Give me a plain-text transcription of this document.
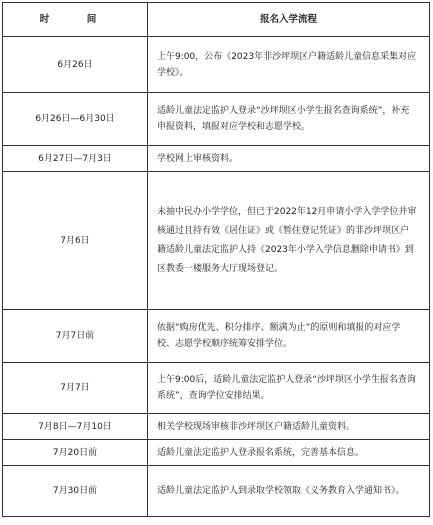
时　间	报名入学流程
6月26日	上午9:00，公布《2023年非沙坪坝区户籍适龄儿童信息采集对应学校》。
6月26日—6月30日	适龄儿童法定监护人登录“沙坪坝区小学生报名查询系统”，补充申报资料，填报对应学校和志愿学校。
6月27日—7月3日	学校网上审核资料。
7月6日	未抽中民办小学学位，但已于2022年12月申请小学入学学位并审核通过且持有效《居住证》或《暂住登记凭证》的非沙坪坝区户籍适龄儿童法定监护人持《2023年小学入学信息删除申请书》到区教委一楼服务大厅现场登记。
7月7日前	依据“购房优先、积分排序、额满为止”的原则和填报的对应学校、志愿学校顺序统筹安排学位。
7月7日	上午9:00后，适龄儿童法定监护人登录“沙坪坝区小学生报名查询系统”，查询学位安排结果。
7月8日—7月10日	相关学校现场审核非沙坪坝区户籍适龄儿童资料。
7月20日前	适龄儿童法定监护人登录报名系统，完善基本信息。
7月30日前	适龄儿童法定监护人到录取学校领取《义务教育入学通知书》。
